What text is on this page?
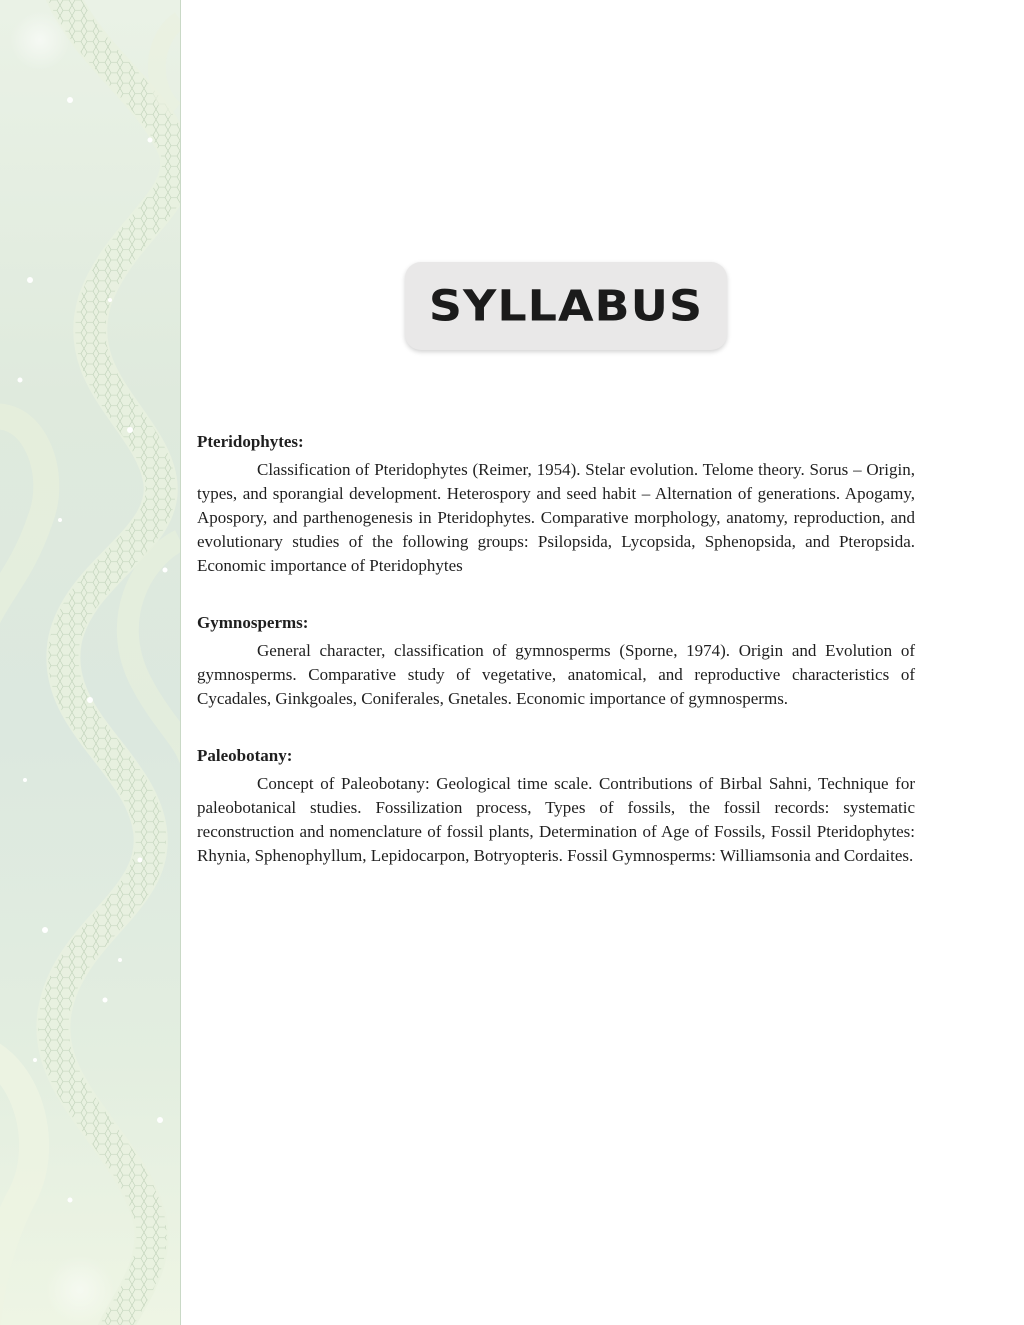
SYLLABUS

Pteridophytes:

Classification of Pteridophytes (Reimer, 1954). Stelar evolution. Telome theory. Sorus – Origin, types, and sporangial development. Heterospory and seed habit – Alternation of generations. Apogamy, Apospory, and parthenogenesis in Pteridophytes. Comparative morphology, anatomy, reproduction, and evolutionary studies of the following groups: Psilopsida, Lycopsida, Sphenopsida, and Pteropsida. Economic importance of Pteridophytes

Gymnosperms:

General character, classification of gymnosperms (Sporne, 1974). Origin and Evolution of gymnosperms. Comparative study of vegetative, anatomical, and reproductive characteristics of Cycadales, Ginkgoales, Coniferales, Gnetales. Economic importance of gymnosperms.

Paleobotany:

Concept of Paleobotany: Geological time scale. Contributions of Birbal Sahni, Technique for paleobotanical studies. Fossilization process, Types of fossils, the fossil records: systematic reconstruction and nomenclature of fossil plants, Determination of Age of Fossils, Fossil Pteridophytes: Rhynia, Sphenophyllum, Lepidocarpon, Botryopteris. Fossil Gymnosperms: Williamsonia and Cordaites.
